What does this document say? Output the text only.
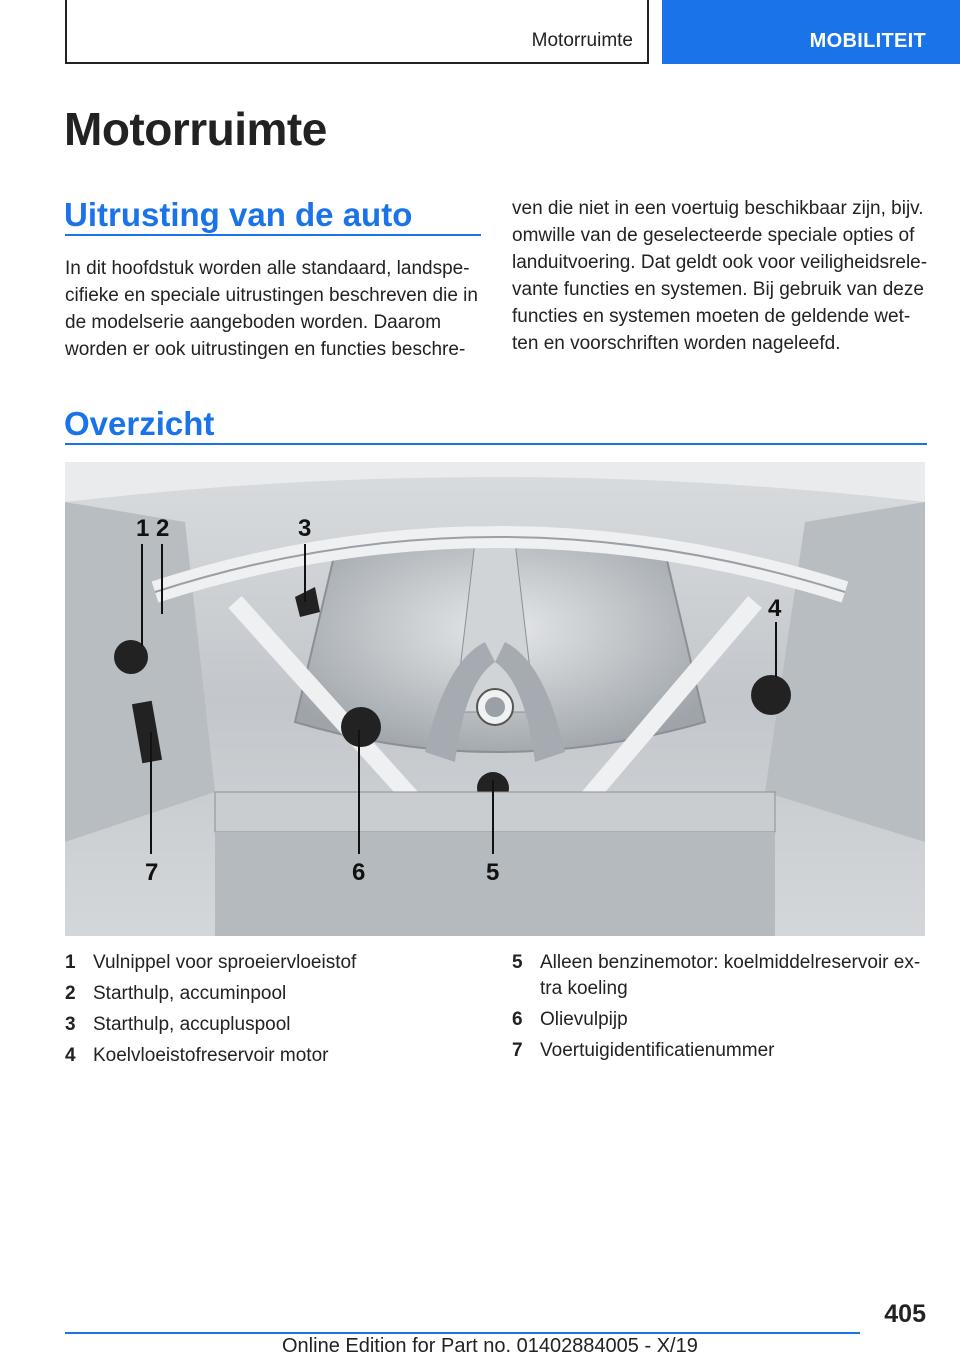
Motorruimte	MOBILITEIT
Motorruimte
Uitrusting van de auto
In dit hoofdstuk worden alle standaard, landspe-
cifieke en speciale uitrustingen beschreven die in
de modelserie aangeboden worden. Daarom
worden er ook uitrustingen en functies beschre-
ven die niet in een voertuig beschikbaar zijn, bijv.
omwille van de geselecteerde speciale opties of
landuitvoering. Dat geldt ook voor veiligheidsrele-
vante functies en systemen. Bij gebruik van deze
functies en systemen moeten de geldende wet-
ten en voorschriften worden nageleefd.
Overzicht
1 2	3
4
5
6
7
1 Vulnippel voor sproeiervloeistof
2 Starthulp, accuminpool
3 Starthulp, accupluspool
4 Koelvloeistofreservoir motor
5 Alleen benzinemotor: koelmiddelreservoir ex-
tra koeling
6 Olievulpijp
7 Voertuigidentificatienummer
405
Online Edition for Part no. 01402884005 - X/19
